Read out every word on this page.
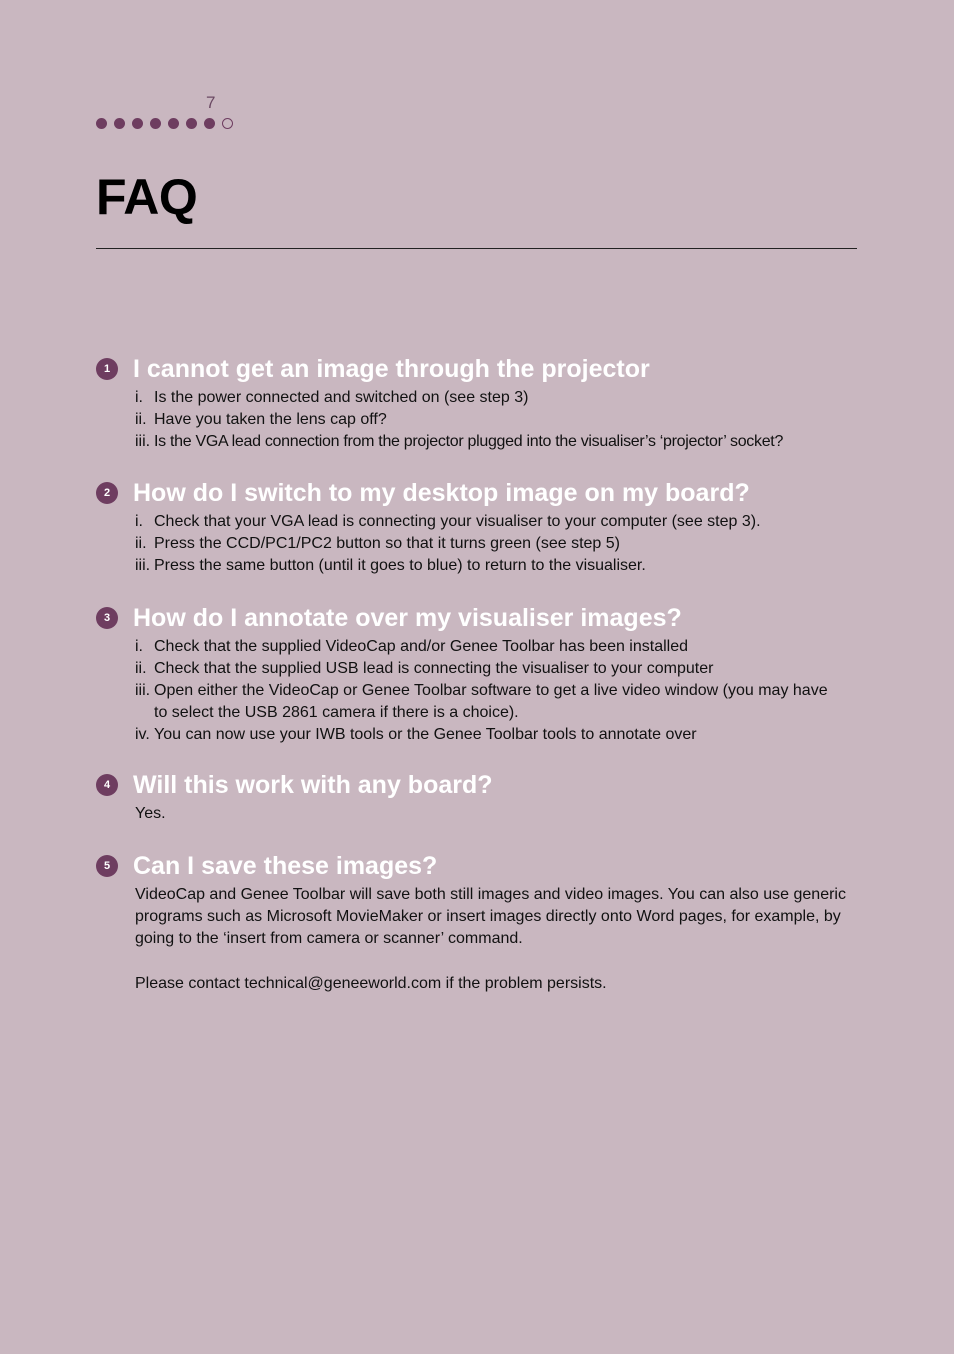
7
FAQ
1 I cannot get an image through the projector
i. Is the power connected and switched on (see step 3)
ii. Have you taken the lens cap off?
iii. Is the VGA lead connection from the projector plugged into the visualiser’s ‘projector’ socket?
2 How do I switch to my desktop image on my board?
i. Check that your VGA lead is connecting your visualiser to your computer (see step 3).
ii. Press the CCD/PC1/PC2 button so that it turns green (see step 5)
iii. Press the same button (until it goes to blue) to return to the visualiser.
3 How do I annotate over my visualiser images?
i. Check that the supplied VideoCap and/or Genee Toolbar has been installed
ii. Check that the supplied USB lead is connecting the visualiser to your computer
iii. Open either the VideoCap or Genee Toolbar software to get a live video window (you may have to select the USB 2861 camera if there is a choice).
iv. You can now use your IWB tools or the Genee Toolbar tools to annotate over
4 Will this work with any board?

Yes.

5 Can I save these images?

VideoCap and Genee Toolbar will save both still images and video images. You can also use generic programs such as Microsoft MovieMaker or insert images directly onto Word pages, for example, by going to the ‘insert from camera or scanner’ command.

Please contact technical@geneeworld.com if the problem persists.
